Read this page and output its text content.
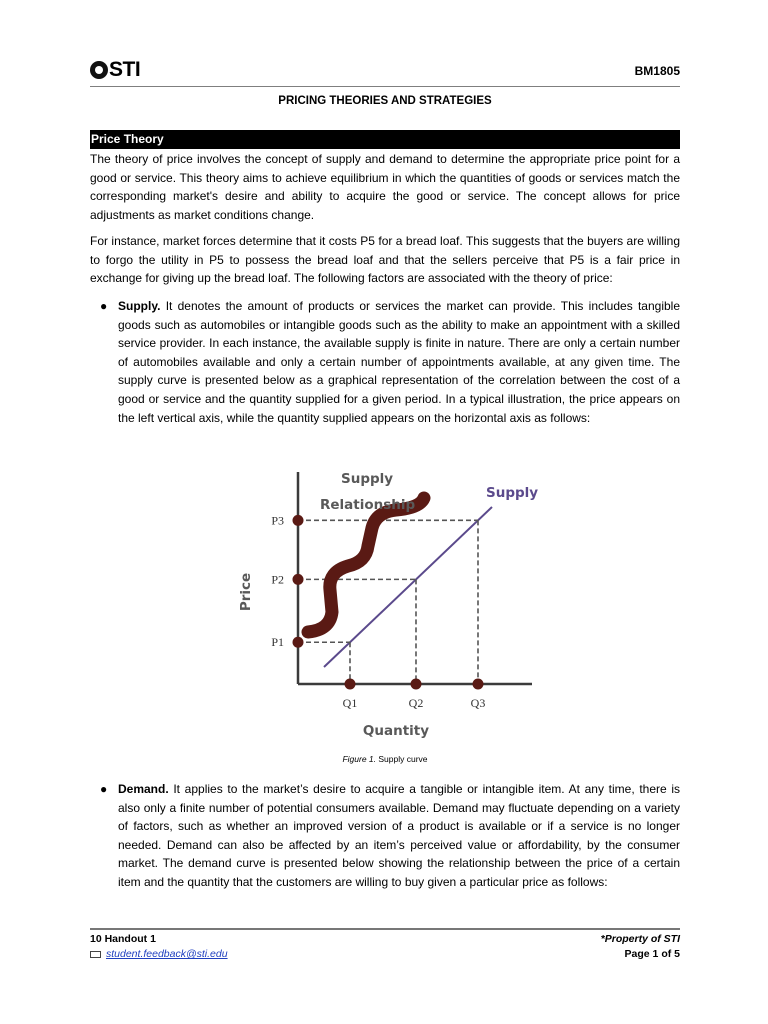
STI	BM1805
PRICING THEORIES AND STRATEGIES
Price Theory
The theory of price involves the concept of supply and demand to determine the appropriate price point for a good or service. This theory aims to achieve equilibrium in which the quantities of goods or services match the corresponding market's desire and ability to acquire the good or service. The concept allows for price adjustments as market conditions change.
For instance, market forces determine that it costs P5 for a bread loaf. This suggests that the buyers are willing to forgo the utility in P5 to possess the bread loaf and that the sellers perceive that P5 is a fair price in exchange for giving up the bread loaf. The following factors are associated with the theory of price:
● Supply. It denotes the amount of products or services the market can provide. This includes tangible goods such as automobiles or intangible goods such as the ability to make an appointment with a skilled service provider. In each instance, the available supply is finite in nature. There are only a certain number of automobiles available and only a certain number of appointments available, at any given time. The supply curve is presented below as a graphical representation of the correlation between the cost of a good or service and the quantity supplied for a given period. In a typical illustration, the price appears on the left vertical axis, while the quantity supplied appears on the horizontal axis as follows:
Supply
Relationship
Supply
Price
Quantity
P1
Q1
P2
Q2
P3
Q3
Figure 1. Supply curve
● Demand. It applies to the market’s desire to acquire a tangible or intangible item. At any time, there is also only a finite number of potential consumers available. Demand may fluctuate depending on a variety of factors, such as whether an improved version of a product is available or if a service is no longer needed. Demand can also be affected by an item’s perceived value or affordability, by the consumer market. The demand curve is presented below showing the relationship between the price of a certain item and the quantity that the customers are willing to buy given a particular price as follows:
10 Handout 1
student.feedback@sti.edu
*Property of STI
Page 1 of 5
